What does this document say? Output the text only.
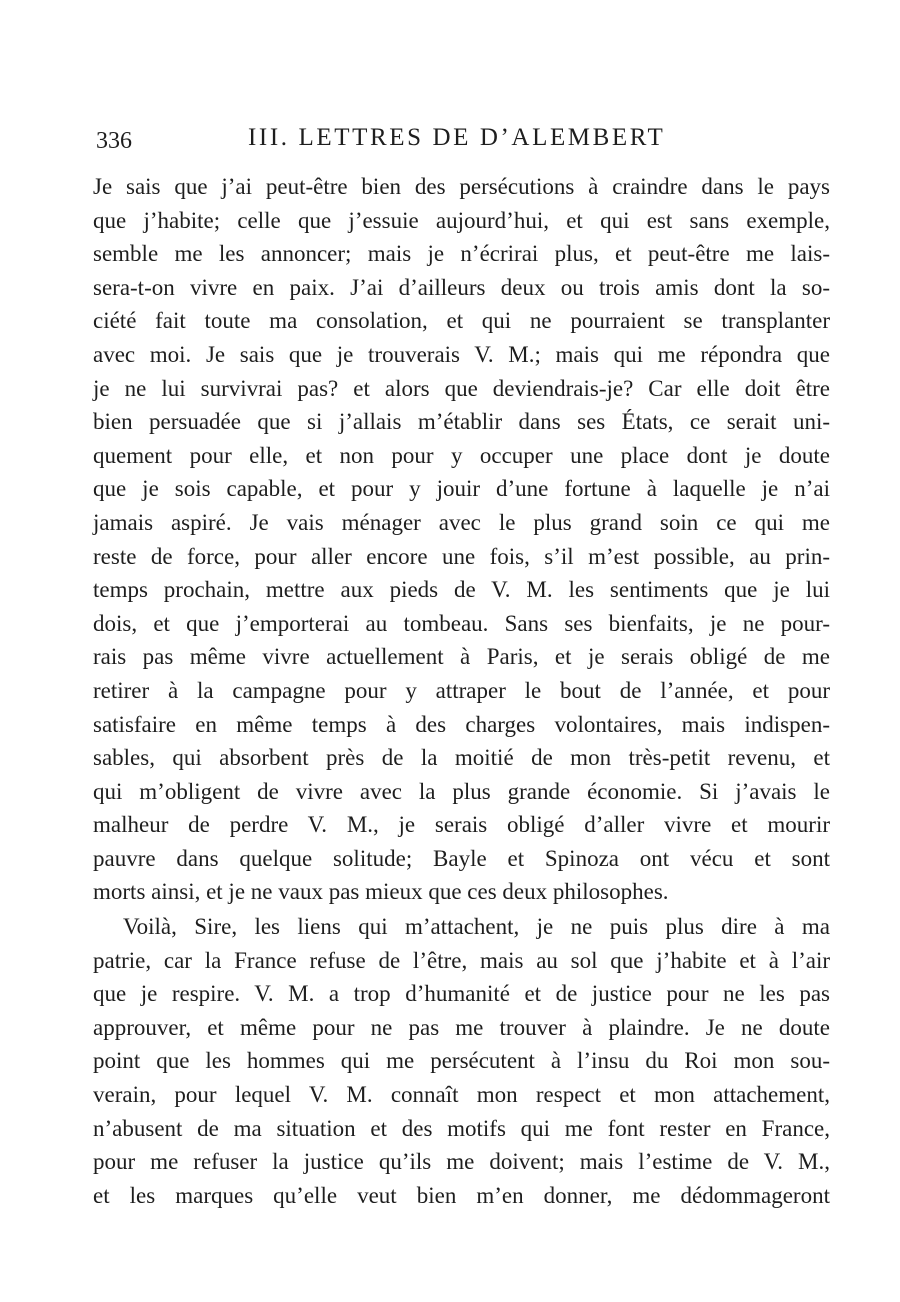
336	III. LETTRES DE D’ALEMBERT
Je sais que j’ai peut-être bien des persécutions à craindre dans le pays
que j’habite; celle que j’essuie aujourd’hui, et qui est sans exemple,
semble me les annoncer; mais je n’écrirai plus, et peut-être me lais-
sera-t-on vivre en paix. J’ai d’ailleurs deux ou trois amis dont la so-
ciété fait toute ma consolation, et qui ne pourraient se transplanter
avec moi. Je sais que je trouverais V. M.; mais qui me répondra que
je ne lui survivrai pas? et alors que deviendrais-je? Car elle doit être
bien persuadée que si j’allais m’établir dans ses États, ce serait uni-
quement pour elle, et non pour y occuper une place dont je doute
que je sois capable, et pour y jouir d’une fortune à laquelle je n’ai
jamais aspiré. Je vais ménager avec le plus grand soin ce qui me
reste de force, pour aller encore une fois, s’il m’est possible, au prin-
temps prochain, mettre aux pieds de V. M. les sentiments que je lui
dois, et que j’emporterai au tombeau. Sans ses bienfaits, je ne pour-
rais pas même vivre actuellement à Paris, et je serais obligé de me
retirer à la campagne pour y attraper le bout de l’année, et pour
satisfaire en même temps à des charges volontaires, mais indispen-
sables, qui absorbent près de la moitié de mon très-petit revenu, et
qui m’obligent de vivre avec la plus grande économie. Si j’avais le
malheur de perdre V. M., je serais obligé d’aller vivre et mourir
pauvre dans quelque solitude; Bayle et Spinoza ont vécu et sont
morts ainsi, et je ne vaux pas mieux que ces deux philosophes.
Voilà, Sire, les liens qui m’attachent, je ne puis plus dire à ma
patrie, car la France refuse de l’être, mais au sol que j’habite et à l’air
que je respire. V. M. a trop d’humanité et de justice pour ne les pas
approuver, et même pour ne pas me trouver à plaindre. Je ne doute
point que les hommes qui me persécutent à l’insu du Roi mon sou-
verain, pour lequel V. M. connaît mon respect et mon attachement,
n’abusent de ma situation et des motifs qui me font rester en France,
pour me refuser la justice qu’ils me doivent; mais l’estime de V. M.,
et les marques qu’elle veut bien m’en donner, me dédommageront
